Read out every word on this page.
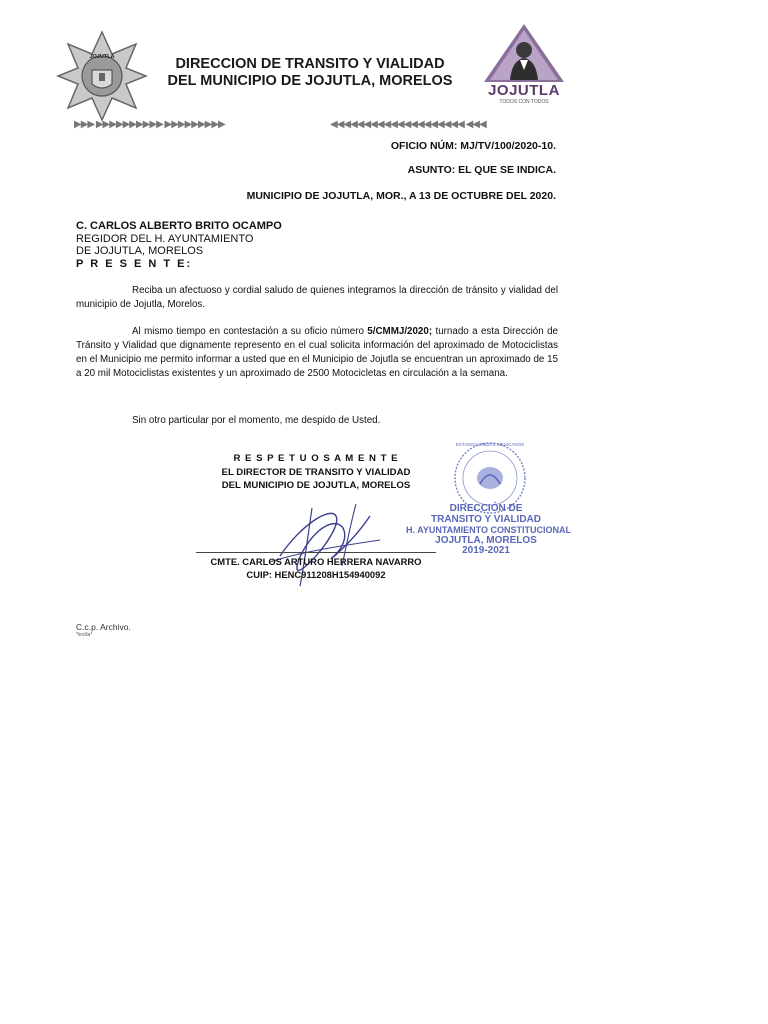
JOJUTLA	DIRECCION DE TRANSITO Y VIALIDAD
DEL MUNICIPIO DE JOJUTLA, MORELOS
JOJUTLA
TODOS CON TODOS
▶▶▶ ▶▶▶▶▶▶▶▶▶▶ ▶▶▶▶▶▶▶▶▶	◀◀◀◀◀◀◀◀◀◀◀◀◀◀◀◀◀◀◀◀ ◀◀◀
OFICIO NÚM: MJ/TV/100/2020-10.
ASUNTO: EL QUE SE INDICA.
MUNICIPIO DE JOJUTLA, MOR., A 13 DE OCTUBRE DEL 2020.
C. CARLOS ALBERTO BRITO OCAMPO
REGIDOR DEL H. AYUNTAMIENTO
DE JOJUTLA, MORELOS
P R E S E N T E:
Reciba un afectuoso y cordial saludo de quienes integramos la dirección de tránsito y vialidad del municipio de Jojutla, Morelos.
Al mismo tiempo en contestación a su oficio número 5/CMMJ/2020; turnado a esta Dirección de Tránsito y Vialidad que dignamente represento en el cual solicita información del aproximado de Motociclistas en el Municipio me permito informar a usted que en el Municipio de Jojutla se encuentran un aproximado de 15 a 20 mil Motociclistas existentes y un aproximado de 2500 Motocicletas en circulación a la semana.
Sin otro particular por el momento, me despido de Usted.
R E S P E T U O S A M E N T E
EL DIRECTOR DE TRANSITO Y VIALIDAD
DEL MUNICIPIO DE JOJUTLA, MORELOS
CMTE. CARLOS ARTURO HERRERA NAVARRO
CUIP: HENC911208H154940092
ESTADOS UNIDOS MEXICANOS
DIRECCIÓN DE
TRANSITO Y VIALIDAD
H. AYUNTAMIENTO CONSTITUCIONAL
JOJUTLA, MORELOS
2019-2021
C.c.p. Archivo.
*lecilia*
